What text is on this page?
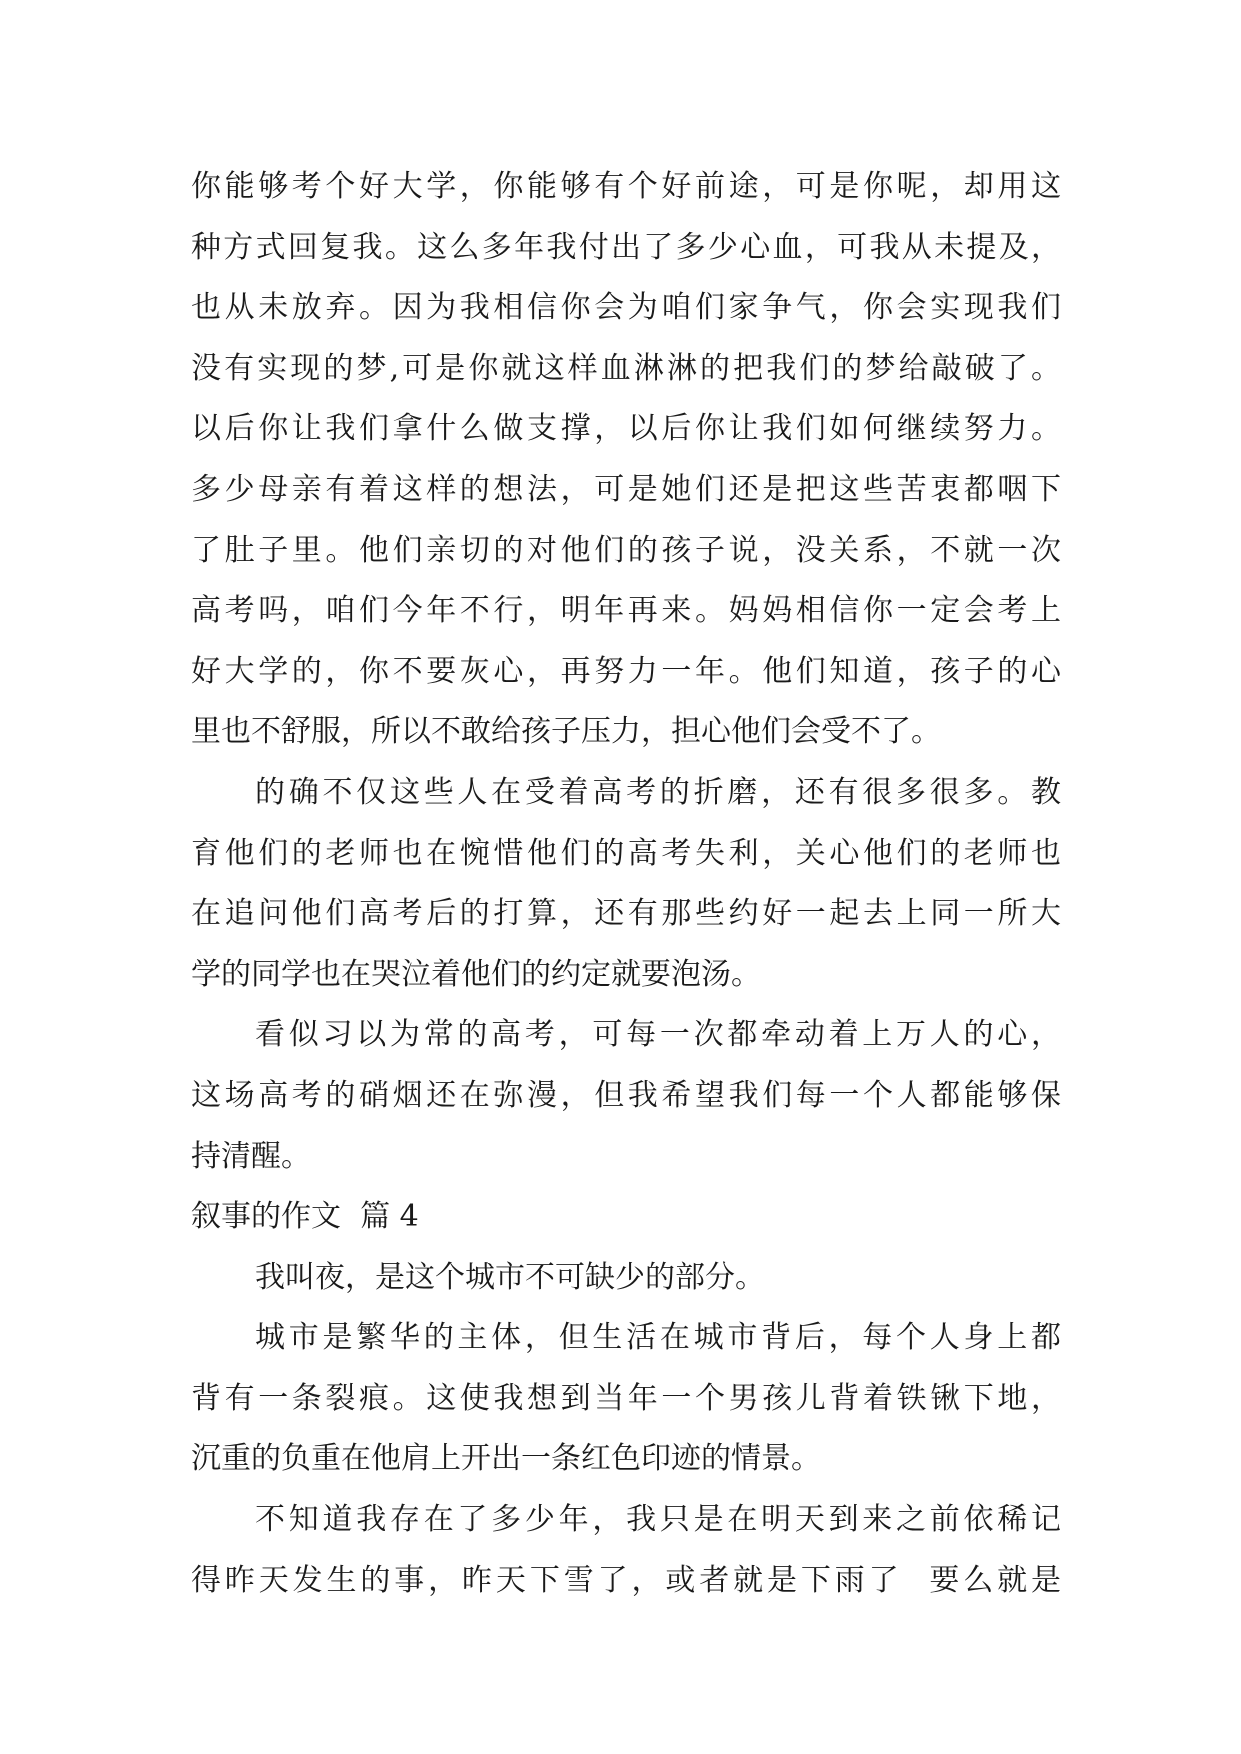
你能够考个好大学，你能够有个好前途，可是你呢，却用这
种方式回复我。这么多年我付出了多少心血，可我从未提及，
也从未放弃。因为我相信你会为咱们家争气，你会实现我们
没有实现的梦,可是你就这样血淋淋的把我们的梦给敲破了。
以后你让我们拿什么做支撑，以后你让我们如何继续努力。
多少母亲有着这样的想法，可是她们还是把这些苦衷都咽下
了肚子里。他们亲切的对他们的孩子说，没关系，不就一次
高考吗，咱们今年不行，明年再来。妈妈相信你一定会考上
好大学的，你不要灰心，再努力一年。他们知道，孩子的心
里也不舒服，所以不敢给孩子压力，担心他们会受不了。
的确不仅这些人在受着高考的折磨，还有很多很多。教
育他们的老师也在惋惜他们的高考失利，关心他们的老师也
在追问他们高考后的打算，还有那些约好一起去上同一所大
学的同学也在哭泣着他们的约定就要泡汤。
看似习以为常的高考，可每一次都牵动着上万人的心，
这场高考的硝烟还在弥漫，但我希望我们每一个人都能够保
持清醒。
叙事的作文  篇 4
我叫夜，是这个城市不可缺少的部分。
城市是繁华的主体，但生活在城市背后，每个人身上都
背有一条裂痕。这使我想到当年一个男孩儿背着铁锹下地，
沉重的负重在他肩上开出一条红色印迹的情景。
不知道我存在了多少年，我只是在明天到来之前依稀记
得昨天发生的事，昨天下雪了，或者就是下雨了  要么就是
